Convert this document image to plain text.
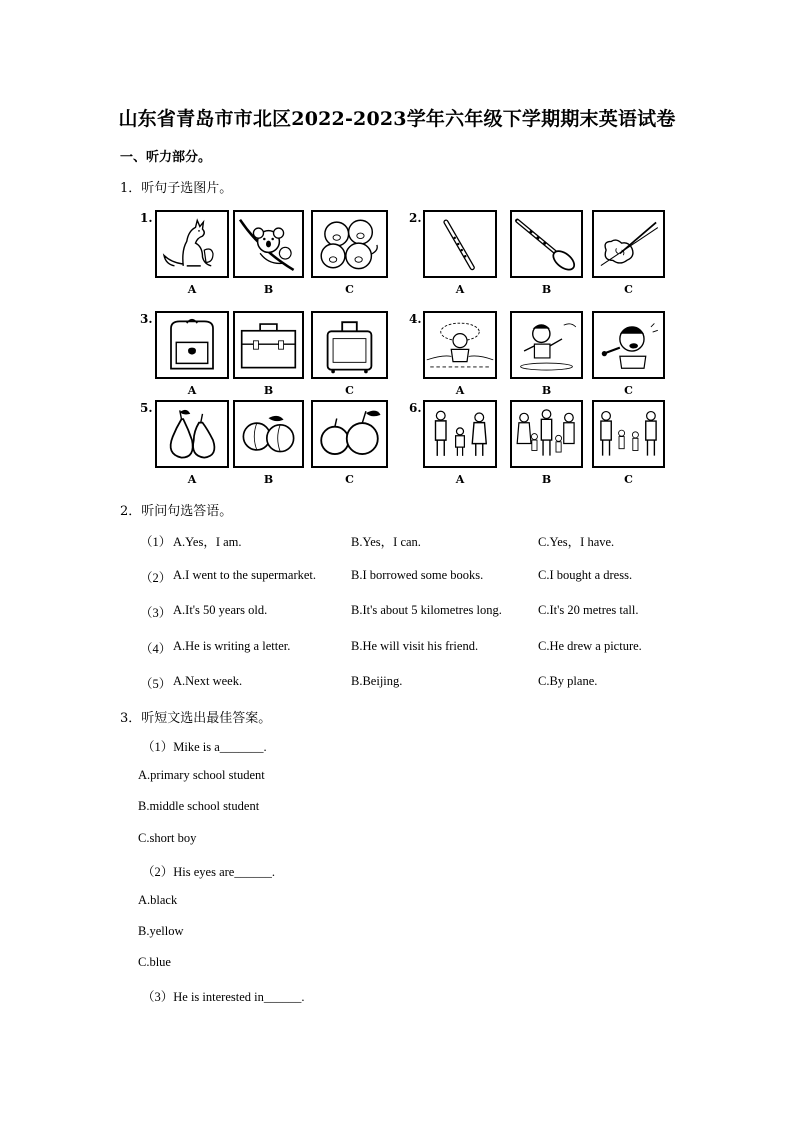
山东省青岛市市北区2022-2023学年六年级下学期期末英语试卷
一、听力部分。
1．听句子选图片。
1.
A	B	C
2.
A	B	C
3.
A	B	C
4.
A	B	C
5.
A	B	C
6.
A	B	C
2．听问句选答语。
（1） A.Yes，I am.	B.Yes，I can.	C.Yes，I have.
（2） A.I went to the supermarket.	B.I borrowed some books.	C.I bought a dress.
（3） A.It's 50 years old.	B.It's about 5 kilometres long.	C.It's 20 metres tall.
（4） A.He is writing a letter.	B.He will visit his friend.	C.He drew a picture.
（5） A.Next week.	B.Beijing.	C.By plane.
3．听短文选出最佳答案。
（1）Mike is a_______.
A.primary school student
B.middle school student
C.short boy
（2）His eyes are______.
A.black
B.yellow
C.blue
（3）He is interested in______.
